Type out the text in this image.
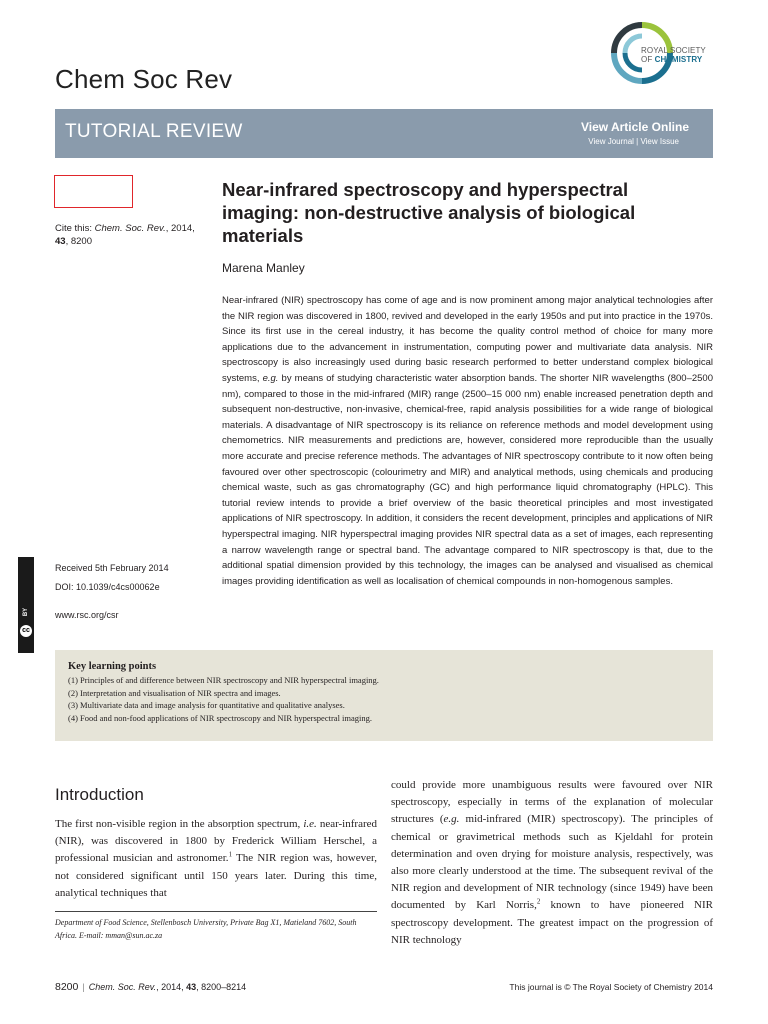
ROYAL SOCIETY
OF CHEMISTRY
Chem Soc Rev
TUTORIAL REVIEW	View Article Online
View Journal | View Issue
Cite this: Chem. Soc. Rev., 2014,
43, 8200
Near-infrared spectroscopy and hyperspectral imaging: non-destructive analysis of biological materials
Marena Manley
Near-infrared (NIR) spectroscopy has come of age and is now prominent among major analytical technologies after the NIR region was discovered in 1800, revived and developed in the early 1950s and put into practice in the 1970s. Since its first use in the cereal industry, it has become the quality control method of choice for many more applications due to the advancement in instrumentation, computing power and multivariate data analysis. NIR spectroscopy is also increasingly used during basic research performed to better understand complex biological systems, e.g. by means of studying characteristic water absorption bands. The shorter NIR wavelengths (800–2500 nm), compared to those in the mid-infrared (MIR) range (2500–15 000 nm) enable increased penetration depth and subsequent non-destructive, non-invasive, chemical-free, rapid analysis possibilities for a wide range of biological materials. A disadvantage of NIR spectroscopy is its reliance on reference methods and model development using chemometrics. NIR measurements and predictions are, however, considered more reproducible than the usually more accurate and precise reference methods. The advantages of NIR spectroscopy contribute to it now often being favoured over other spectroscopic (colourimetry and MIR) and analytical methods, using chemicals and producing chemical waste, such as gas chromatography (GC) and high performance liquid chromatography (HPLC). This tutorial review intends to provide a brief overview of the basic theoretical principles and most investigated applications of NIR spectroscopy. In addition, it considers the recent development, principles and applications of NIR hyperspectral imaging. NIR hyperspectral imaging provides NIR spectral data as a set of images, each representing a narrow wavelength range or spectral band. The advantage compared to NIR spectroscopy is that, due to the additional spatial dimension provided by this technology, the images can be analysed and visualised as chemical images providing identification as well as localisation of chemical compounds in non-homogenous samples.
BY
cc
Received 5th February 2014
DOI: 10.1039/c4cs00062e
www.rsc.org/csr
Key learning points
(1) Principles of and difference between NIR spectroscopy and NIR hyperspectral imaging.
(2) Interpretation and visualisation of NIR spectra and images.
(3) Multivariate data and image analysis for quantitative and qualitative analyses.
(4) Food and non-food applications of NIR spectroscopy and NIR hyperspectral imaging.
Introduction
The first non-visible region in the absorption spectrum, i.e. near-infrared (NIR), was discovered in 1800 by Frederick William Herschel, a professional musician and astronomer.$^1$ The NIR region was, however, not considered significant until 150 years later. During this time, analytical techniques that
Department of Food Science, Stellenbosch University, Private Bag X1, Matieland 7602, South Africa. E-mail: mman@sun.ac.za
could provide more unambiguous results were favoured over NIR spectroscopy, especially in terms of the explanation of molecular structures (e.g. mid-infrared (MIR) spectroscopy). The principles of chemical or gravimetrical methods such as Kjeldahl for protein determination and oven drying for moisture analysis, respectively, was also more clearly understood at the time. The subsequent revival of the NIR region and development of NIR technology (since 1949) have been documented by Karl Norris,$^2$ known to have pioneered NIR spectroscopy development. The greatest impact on the progression of NIR technology
8200 | Chem. Soc. Rev., 2014, 43, 8200–8214	This journal is © The Royal Society of Chemistry 2014
